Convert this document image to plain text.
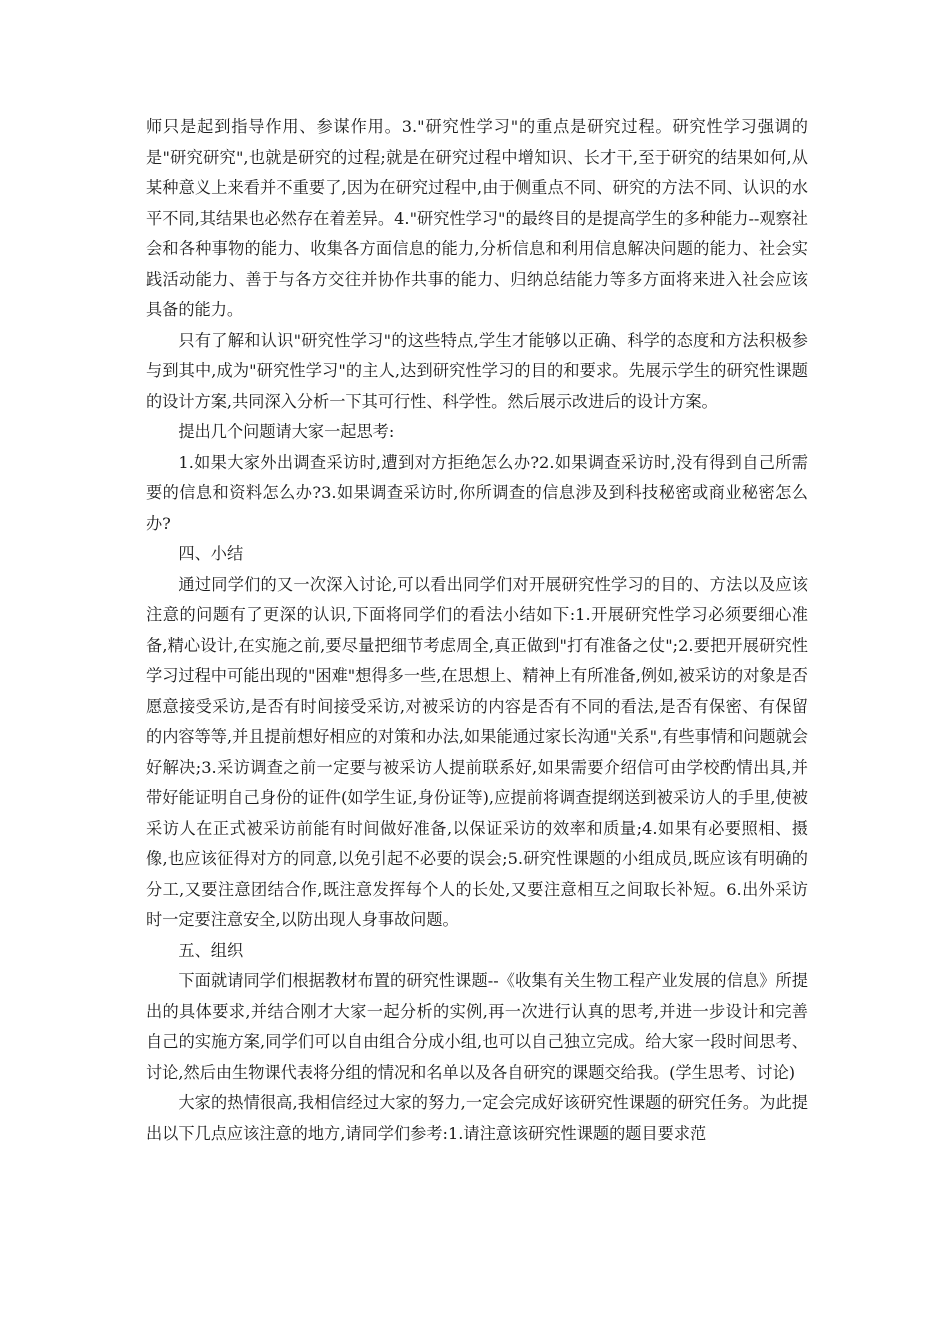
师只是起到指导作用、参谋作用。3."研究性学习"的重点是研究过程。研究性学习强调的是"研究研究",也就是研究的过程;就是在研究过程中增知识、长才干,至于研究的结果如何,从某种意义上来看并不重要了,因为在研究过程中,由于侧重点不同、研究的方法不同、认识的水平不同,其结果也必然存在着差异。4."研究性学习"的最终目的是提高学生的多种能力--观察社会和各种事物的能力、收集各方面信息的能力,分析信息和利用信息解决问题的能力、社会实践活动能力、善于与各方交往并协作共事的能力、归纳总结能力等多方面将来进入社会应该具备的能力。

只有了解和认识"研究性学习"的这些特点,学生才能够以正确、科学的态度和方法积极参与到其中,成为"研究性学习"的主人,达到研究性学习的目的和要求。先展示学生的研究性课题的设计方案,共同深入分析一下其可行性、科学性。然后展示改进后的设计方案。

提出几个问题请大家一起思考:

1.如果大家外出调查采访时,遭到对方拒绝怎么办?2.如果调查采访时,没有得到自己所需要的信息和资料怎么办?3.如果调查采访时,你所调查的信息涉及到科技秘密或商业秘密怎么办?

四、小结

通过同学们的又一次深入讨论,可以看出同学们对开展研究性学习的目的、方法以及应该注意的问题有了更深的认识,下面将同学们的看法小结如下:1.开展研究性学习必须要细心准备,精心设计,在实施之前,要尽量把细节考虑周全,真正做到"打有准备之仗";2.要把开展研究性学习过程中可能出现的"困难"想得多一些,在思想上、精神上有所准备,例如,被采访的对象是否愿意接受采访,是否有时间接受采访,对被采访的内容是否有不同的看法,是否有保密、有保留的内容等等,并且提前想好相应的对策和办法,如果能通过家长沟通"关系",有些事情和问题就会好解决;3.采访调查之前一定要与被采访人提前联系好,如果需要介绍信可由学校酌情出具,并带好能证明自己身份的证件(如学生证,身份证等),应提前将调查提纲送到被采访人的手里,使被采访人在正式被采访前能有时间做好准备,以保证采访的效率和质量;4.如果有必要照相、摄像,也应该征得对方的同意,以免引起不必要的误会;5.研究性课题的小组成员,既应该有明确的分工,又要注意团结合作,既注意发挥每个人的长处,又要注意相互之间取长补短。6.出外采访时一定要注意安全,以防出现人身事故问题。

五、组织

下面就请同学们根据教材布置的研究性课题--《收集有关生物工程产业发展的信息》所提出的具体要求,并结合刚才大家一起分析的实例,再一次进行认真的思考,并进一步设计和完善自己的实施方案,同学们可以自由组合分成小组,也可以自己独立完成。给大家一段时间思考、讨论,然后由生物课代表将分组的情况和名单以及各自研究的课题交给我。(学生思考、讨论)

大家的热情很高,我相信经过大家的努力,一定会完成好该研究性课题的研究任务。为此提出以下几点应该注意的地方,请同学们参考:1.请注意该研究性课题的题目要求范
